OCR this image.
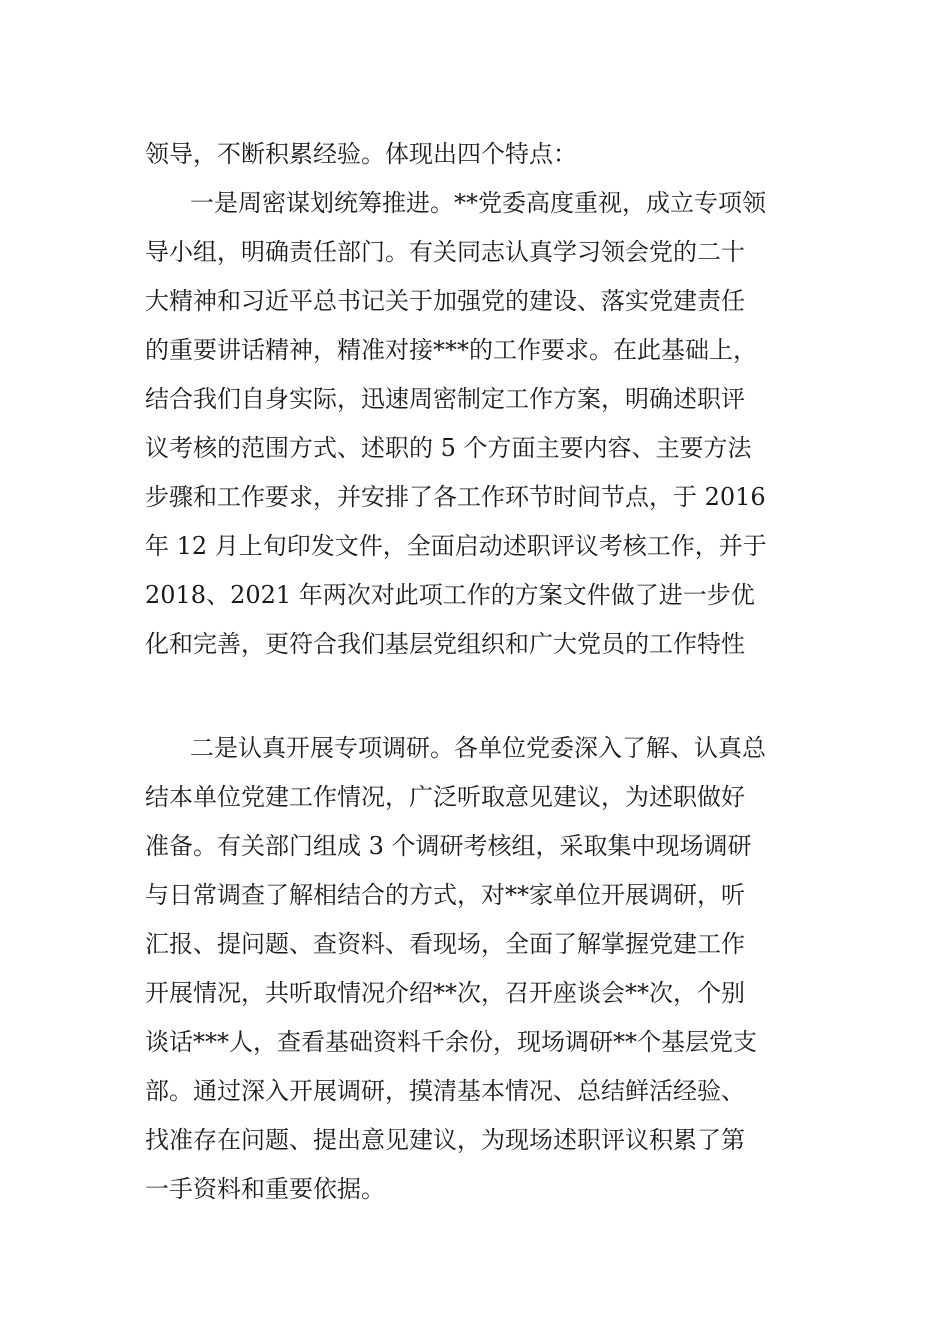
领导，不断积累经验。体现出四个特点：
一是周密谋划统筹推进。**党委高度重视，成立专项领
导小组，明确责任部门。有关同志认真学习领会党的二十
大精神和习近平总书记关于加强党的建设、落实党建责任
的重要讲话精神，精准对接***的工作要求。在此基础上，
结合我们自身实际，迅速周密制定工作方案，明确述职评
议考核的范围方式、述职的 5 个方面主要内容、主要方法
步骤和工作要求，并安排了各工作环节时间节点，于 2016
年 12 月上旬印发文件，全面启动述职评议考核工作，并于
2018、2021 年两次对此项工作的方案文件做了进一步优
化和完善，更符合我们基层党组织和广大党员的工作特性
二是认真开展专项调研。各单位党委深入了解、认真总
结本单位党建工作情况，广泛听取意见建议，为述职做好
准备。有关部门组成 3 个调研考核组，采取集中现场调研
与日常调查了解相结合的方式，对**家单位开展调研，听
汇报、提问题、查资料、看现场，全面了解掌握党建工作
开展情况，共听取情况介绍**次，召开座谈会**次，个别
谈话***人，查看基础资料千余份，现场调研**个基层党支
部。通过深入开展调研，摸清基本情况、总结鲜活经验、
找准存在问题、提出意见建议，为现场述职评议积累了第
一手资料和重要依据。
